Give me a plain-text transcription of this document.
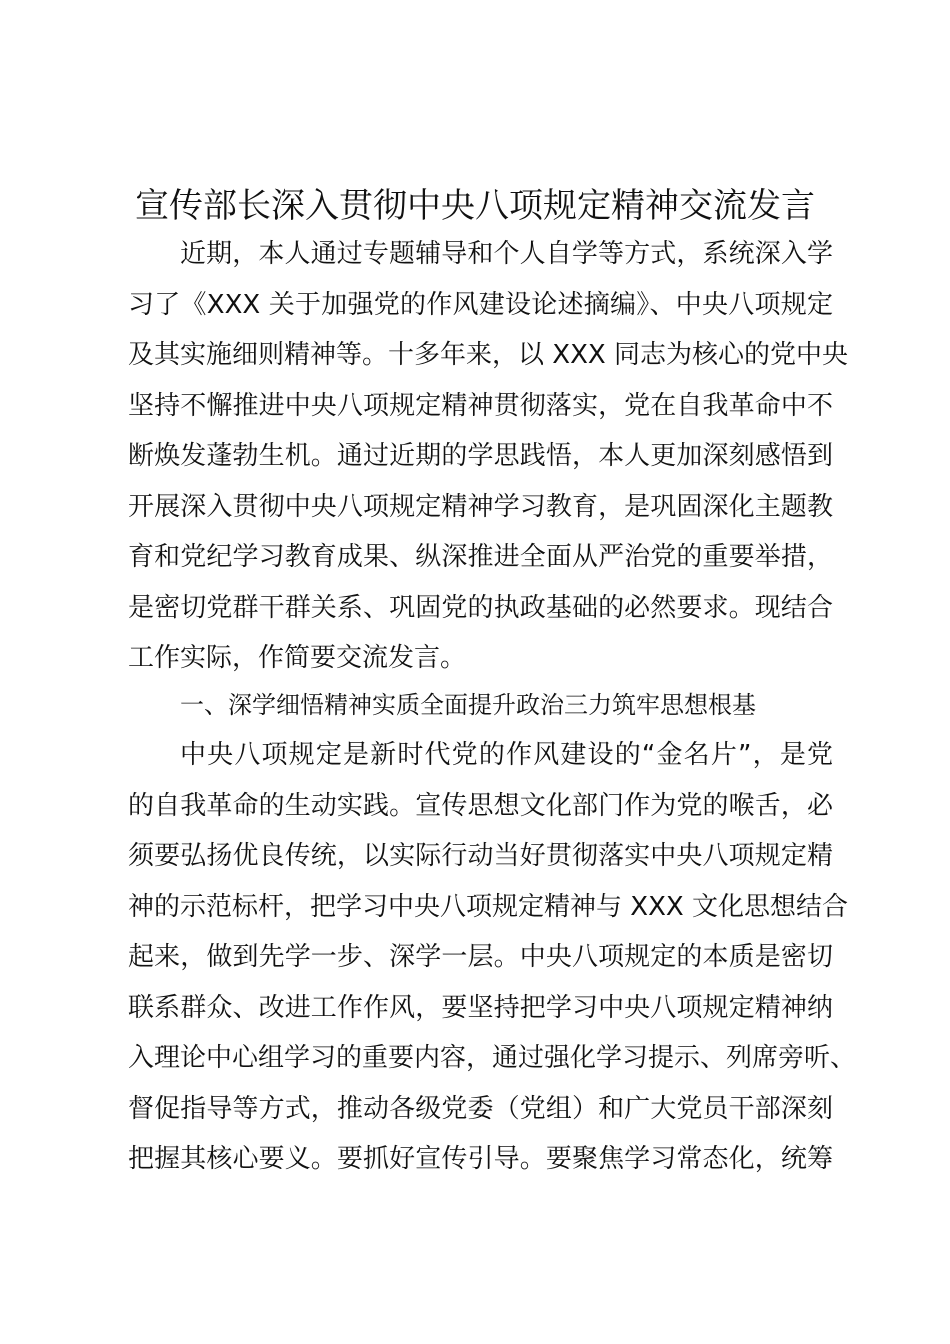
宣传部长深入贯彻中央八项规定精神交流发言
近期，本人通过专题辅导和个人自学等方式，系统深入学
习了《XXX 关于加强党的作风建设论述摘编》、中央八项规定
及其实施细则精神等。十多年来，以 XXX 同志为核心的党中央
坚持不懈推进中央八项规定精神贯彻落实，党在自我革命中不
断焕发蓬勃生机。通过近期的学思践悟，本人更加深刻感悟到
开展深入贯彻中央八项规定精神学习教育，是巩固深化主题教
育和党纪学习教育成果、纵深推进全面从严治党的重要举措，
是密切党群干群关系、巩固党的执政基础的必然要求。现结合
工作实际，作简要交流发言。
一、深学细悟精神实质全面提升政治三力筑牢思想根基
中央八项规定是新时代党的作风建设的“金名片”，是党
的自我革命的生动实践。宣传思想文化部门作为党的喉舌，必
须要弘扬优良传统，以实际行动当好贯彻落实中央八项规定精
神的示范标杆，把学习中央八项规定精神与 XXX 文化思想结合
起来，做到先学一步、深学一层。中央八项规定的本质是密切
联系群众、改进工作作风，要坚持把学习中央八项规定精神纳
入理论中心组学习的重要内容，通过强化学习提示、列席旁听、
督促指导等方式，推动各级党委（党组）和广大党员干部深刻
把握其核心要义。要抓好宣传引导。要聚焦学习常态化，统筹
